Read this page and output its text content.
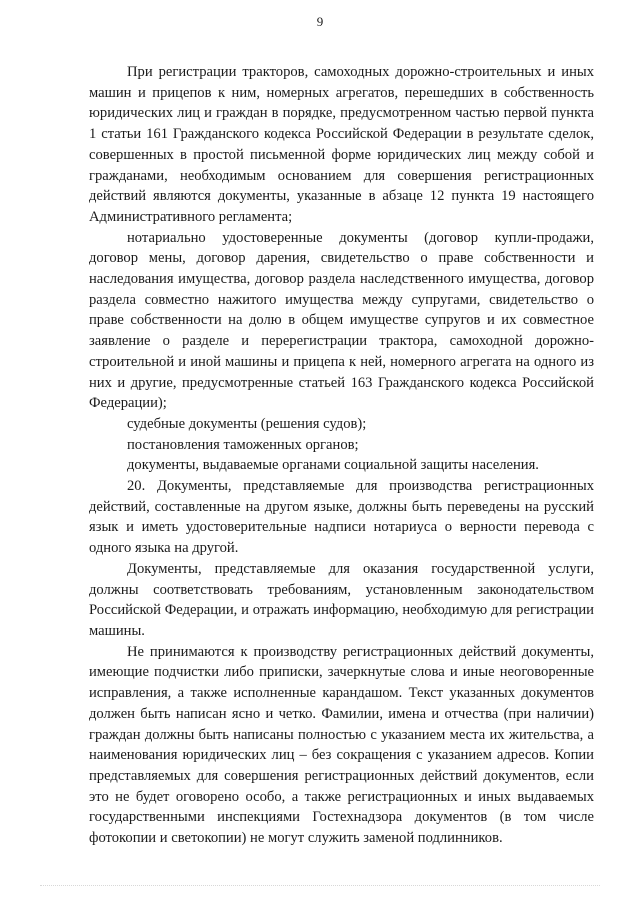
9

При регистрации тракторов, самоходных дорожно-строительных и иных машин и прицепов к ним, номерных агрегатов, перешедших в собственность юридических лиц и граждан в порядке, предусмотренном частью первой пункта 1 статьи 161 Гражданского кодекса Российской Федерации в результате сделок, совершенных в простой письменной форме юридических лиц между собой и гражданами, необходимым основанием для совершения регистрационных действий являются документы, указанные в абзаце 12 пункта 19 настоящего Административного регламента;

нотариально удостоверенные документы (договор купли-продажи, договор мены, договор дарения, свидетельство о праве собственности и наследования имущества, договор раздела наследственного имущества, договор раздела совместно нажитого имущества между супругами, свидетельство о праве собственности на долю в общем имуществе супругов и их совместное заявление о разделе и перерегистрации трактора, самоходной дорожно-строительной и иной машины и прицепа к ней, номерного агрегата на одного из них и другие, предусмотренные статьей 163 Гражданского кодекса Российской Федерации);

судебные документы (решения судов);

постановления таможенных органов;

документы, выдаваемые органами социальной защиты населения.

20. Документы, представляемые для производства регистрационных действий, составленные на другом языке, должны быть переведены на русский язык и иметь удостоверительные надписи нотариуса о верности перевода с одного языка на другой.

Документы, представляемые для оказания государственной услуги, должны соответствовать требованиям, установленным законодательством Российской Федерации, и отражать информацию, необходимую для регистрации машины.

Не принимаются к производству регистрационных действий документы, имеющие подчистки либо приписки, зачеркнутые слова и иные неоговоренные исправления, а также исполненные карандашом. Текст указанных документов должен быть написан ясно и четко. Фамилии, имена и отчества (при наличии) граждан должны быть написаны полностью с указанием места их жительства, а наименования юридических лиц – без сокращения с указанием адресов. Копии представляемых для совершения регистрационных действий документов, если это не будет оговорено особо, а также регистрационных и иных выдаваемых государственными инспекциями Гостехнадзора документов (в том числе фотокопии и светокопии) не могут служить заменой подлинников.
